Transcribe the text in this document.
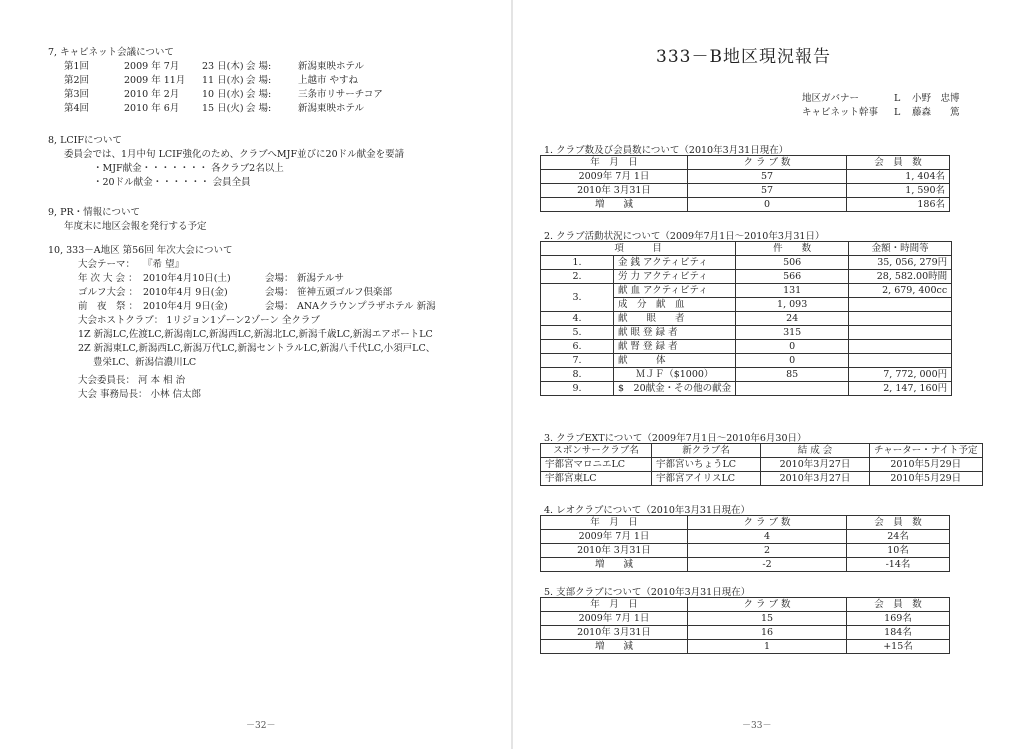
7, キャビネット会議について
第1回	2009 年 7月 23 日(木) 会 場:	新潟東映ホテル
第2回	2009 年 11月 11 日(水) 会 場:	上越市 やすね
第3回	2010 年 2月 10 日(水) 会 場:	三条市リサーチコア
第4回	2010 年 6月 15 日(火) 会 場:	新潟東映ホテル
8, LCIFについて
委員会では、1月中旬 LCIF強化のため、クラブへMJF並びに20ドル献金を要請
・MJF献金・・・・・・・ 各クラブ2名以上
・20ドル献金・・・・・・ 会員全員
9, PR・情報について
年度末に地区会報を発行する予定
10, 333－A地区 第56回 年次大会について
大会テーマ： 『希 望』
年 次 大 会 ： 2010年4月10日(土)	会場： 新潟テルサ
ゴルフ大会 ： 2010年4月 9日(金)	会場： 笹神五頭ゴルフ倶楽部
前　夜　祭 ： 2010年4月 9日(金)	会場： ANAクラウンプラザホテル 新潟
大会ホストクラブ： 1リジョン1ゾーン2ゾーン 全クラブ
1Z 新潟LC,佐渡LC,新潟南LC,新潟西LC,新潟北LC,新潟千歳LC,新潟エアポートLC
2Z 新潟東LC,新潟西LC,新潟万代LC,新潟セントラルLC,新潟八千代LC,小須戸LC、
豊栄LC、新潟信濃川LC
大会委員長： 河 本 相 治
大会 事務局長： 小林 信太郎
－32－
333－B地区現況報告
地区ガバナー	L 小野　忠博
キャビネット幹事 L 藤森　　篤
1. クラブ数及び会員数について（2010年3月31日現在）
年　月　日	ク ラ ブ 数	会　員　数
2009年 7月 1日	57	1, 404名
2010年 3月31日	57	1, 590名
増　　減	0	186名
2. クラブ活動状況について（2009年7月1日～2010年3月31日）
項　　　目		件　　数	金額・時間等
1.	金 銭 アクティビティ	506	35, 056, 279円
2.	労 力 アクティビティ	566	28, 582.00時間
3.	献 血 アクティビティ	131	2, 679, 400cc
	成　分　献　血	1, 093	
4.	献　　眼　　者	24	
5.	献 眼 登 録 者	315	
6.	献 腎 登 録 者	0	
7.	献　　　体	0	
8.	ＭＪＦ（$1000）	85	7, 772, 000円
9.	$　20献金・その他の献金		2, 147, 160円
3. クラブEXTについて（2009年7月1日～2010年6月30日）
スポンサークラブ名	新クラブ名	結 成 会	チャーター・ナイト予定
宇都宮マロニエLC	宇都宮いちょうLC	2010年3月27日	2010年5月29日
宇都宮東LC	宇都宮アイリスLC	2010年3月27日	2010年5月29日
4. レオクラブについて（2010年3月31日現在）
年　月　日	ク ラ ブ 数	会　員　数
2009年 7月 1日	4	24名
2010年 3月31日	2	10名
増　　減	-2	-14名
5. 支部クラブについて（2010年3月31日現在）
年　月　日	ク ラ ブ 数	会　員　数
2009年 7月 1日	15	169名
2010年 3月31日	16	184名
増　　減	1	+15名
－33－
